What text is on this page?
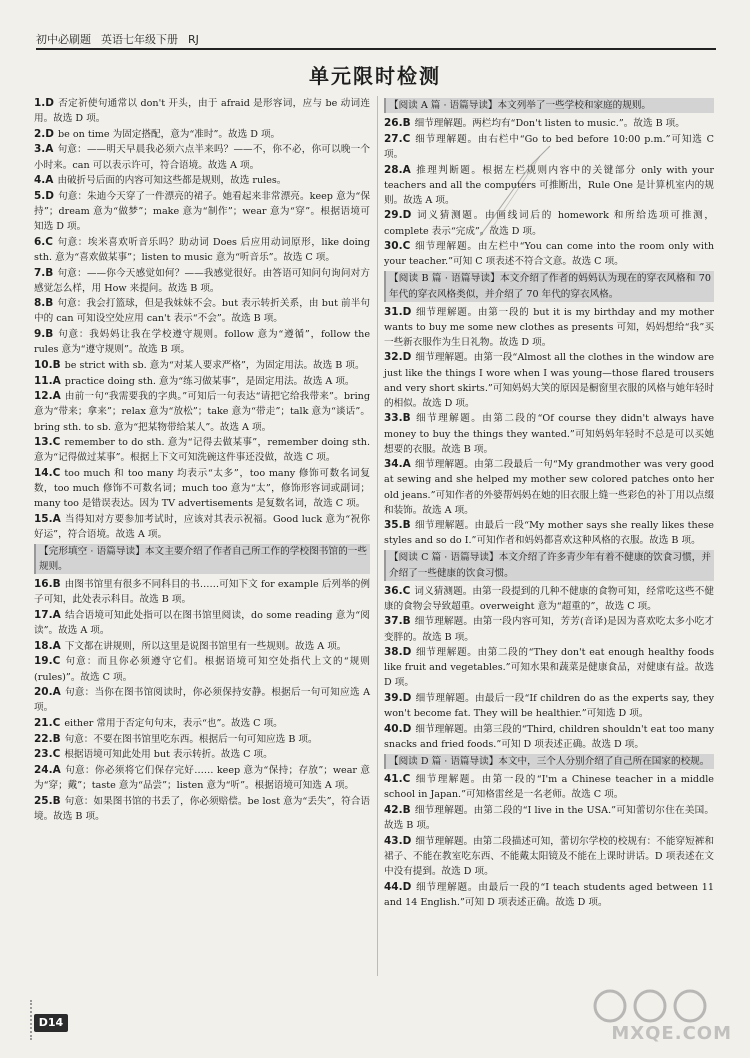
初中必刷题 英语七年级下册 RJ
单元限时检测
1.D 否定祈使句通常以 don't 开头，由于 afraid 是形容词，应与 be 动词连用。故选 D 项。
2.D be on time 为固定搭配，意为“准时”。故选 D 项。
3.A 句意：——明天早晨我必须六点半来吗？——不，你不必，你可以晚一个小时来。can 可以表示许可，符合语境。故选 A 项。
4.A 由破折号后面的内容可知这些都是规则，故选 rules。
5.D 句意：朱迪今天穿了一件漂亮的裙子。她看起来非常漂亮。keep 意为“保持”；dream 意为“做梦”；make 意为“制作”；wear 意为“穿”。根据语境可知选 D 项。
6.C 句意：埃米喜欢听音乐吗？助动词 Does 后应用动词原形，like doing sth. 意为“喜欢做某事”；listen to music 意为“听音乐”。故选 C 项。
7.B 句意：——你今天感觉如何？——我感觉很好。由答语可知问句询问对方感觉怎么样，用 How 来提问。故选 B 项。
8.B 句意：我会打篮球，但是我妹妹不会。but 表示转折关系，由 but 前半句中的 can 可知设空处应用 can't 表示“不会”。故选 B 项。
9.B 句意：我妈妈让我在学校遵守规则。follow 意为“遵循”，follow the rules 意为“遵守规则”。故选 B 项。
10.B be strict with sb. 意为“对某人要求严格”，为固定用法。故选 B 项。
11.A practice doing sth. 意为“练习做某事”，是固定用法。故选 A 项。
12.A 由前一句“我需要我的字典。”可知后一句表达“请把它给我带来”。bring 意为“带来；拿来”；relax 意为“放松”；take 意为“带走”；talk 意为“谈话”。bring sth. to sb. 意为“把某物带给某人”。故选 A 项。
13.C remember to do sth. 意为“记得去做某事”，remember doing sth. 意为“记得做过某事”。根据上下文可知洗碗这件事还没做，故选 C 项。
14.C too much 和 too many 均表示“太多”，too many 修饰可数名词复数，too much 修饰不可数名词；much too 意为“太”，修饰形容词或副词；many too 是错误表达。因为 TV advertisements 是复数名词，故选 C 项。
15.A 当得知对方要参加考试时，应该对其表示祝福。Good luck 意为“祝你好运”，符合语境。故选 A 项。
【完形填空 · 语篇导读】本文主要介绍了作者自己所工作的学校图书馆的一些规则。
16.B 由图书馆里有很多不同科目的书……可知下文 for example 后列举的例子可知，此处表示科目。故选 B 项。
17.A 结合语境可知此处指可以在图书馆里阅读，do some reading 意为“阅读”。故选 A 项。
18.A 下文都在讲规则，所以这里是说图书馆里有一些规则。故选 A 项。
19.C 句意：而且你必须遵守它们。根据语境可知空处指代上文的“规则(rules)”。故选 C 项。
20.A 句意：当你在图书馆阅读时，你必须保持安静。根据后一句可知应选 A 项。
21.C either 常用于否定句句末，表示“也”。故选 C 项。
22.B 句意：不要在图书馆里吃东西。根据后一句可知应选 B 项。
23.C 根据语境可知此处用 but 表示转折。故选 C 项。
24.A 句意：你必须将它们保存完好…… keep 意为“保持；存放”；wear 意为“穿；戴”；taste 意为“品尝”；listen 意为“听”。根据语境可知选 A 项。
25.B 句意：如果图书馆的书丢了，你必须赔偿。be lost 意为“丢失”，符合语境。故选 B 项。
【阅读 A 篇 · 语篇导读】本文列举了一些学校和家庭的规则。
26.B 细节理解题。两栏均有“Don't listen to music.”。故选 B 项。
27.C 细节理解题。由右栏中“Go to bed before 10:00 p.m.”可知选 C 项。
28.A 推理判断题。根据左栏规则内容中的关键部分 only with your teachers and all the computers 可推断出，Rule One 是计算机室内的规则。故选 A 项。
29.D 词义猜测题。由画线词后的 homework 和所给选项可推测，complete 表示“完成”。故选 D 项。
30.C 细节理解题。由左栏中“You can come into the room only with your teacher.”可知 C 项表述不符合文意。故选 C 项。
【阅读 B 篇 · 语篇导读】本文介绍了作者的妈妈认为现在的穿衣风格和 70 年代的穿衣风格类似，并介绍了 70 年代的穿衣风格。
31.D 细节理解题。由第一段的 but it is my birthday and my mother wants to buy me some new clothes as presents 可知，妈妈想给“我”买一些新衣服作为生日礼物。故选 D 项。
32.D 细节理解题。由第一段“Almost all the clothes in the window are just like the things I wore when I was young—those flared trousers and very short skirts.”可知妈妈大笑的原因是橱窗里衣服的风格与她年轻时的相似。故选 D 项。
33.B 细节理解题。由第二段的“Of course they didn't always have money to buy the things they wanted.”可知妈妈年轻时不总是可以买她想要的衣服。故选 B 项。
34.A 细节理解题。由第二段最后一句“My grandmother was very good at sewing and she helped my mother sew colored patches onto her old jeans.”可知作者的外婆帮妈妈在她的旧衣服上缝一些彩色的补丁用以点缀和装饰。故选 A 项。
35.B 细节理解题。由最后一段“My mother says she really likes these styles and so do I.”可知作者和妈妈都喜欢这种风格的衣服。故选 B 项。
【阅读 C 篇 · 语篇导读】本文介绍了许多青少年有着不健康的饮食习惯，并介绍了一些健康的饮食习惯。
36.C 词义猜测题。由第一段提到的几种不健康的食物可知，经常吃这些不健康的食物会导致超重。overweight 意为“超重的”，故选 C 项。
37.B 细节理解题。由第一段内容可知，芳芳(音译)是因为喜欢吃太多小吃才变胖的。故选 B 项。
38.D 细节理解题。由第二段的“They don't eat enough healthy foods like fruit and vegetables.”可知水果和蔬菜是健康食品，对健康有益。故选 D 项。
39.D 细节理解题。由最后一段“If children do as the experts say, they won't become fat. They will be healthier.”可知选 D 项。
40.D 细节理解题。由第三段的“Third, children shouldn't eat too many snacks and fried foods.”可知 D 项表述正确。故选 D 项。
【阅读 D 篇 · 语篇导读】本文中，三个人分别介绍了自己所在国家的校规。
41.C 细节理解题。由第一段的“I'm a Chinese teacher in a middle school in Japan.”可知格雷丝是一名老师。故选 C 项。
42.B 细节理解题。由第二段的“I live in the USA.”可知蕾切尔住在美国。故选 B 项。
43.D 细节理解题。由第二段描述可知，蕾切尔学校的校规有：不能穿短裤和裙子、不能在教室吃东西、不能戴太阳镜及不能在上课时讲话。D 项表述在文中没有提到。故选 D 项。
44.D 细节理解题。由最后一段的“I teach students aged between 11 and 14 English.”可知 D 项表述正确。故选 D 项。
D14
MXQE.COM
